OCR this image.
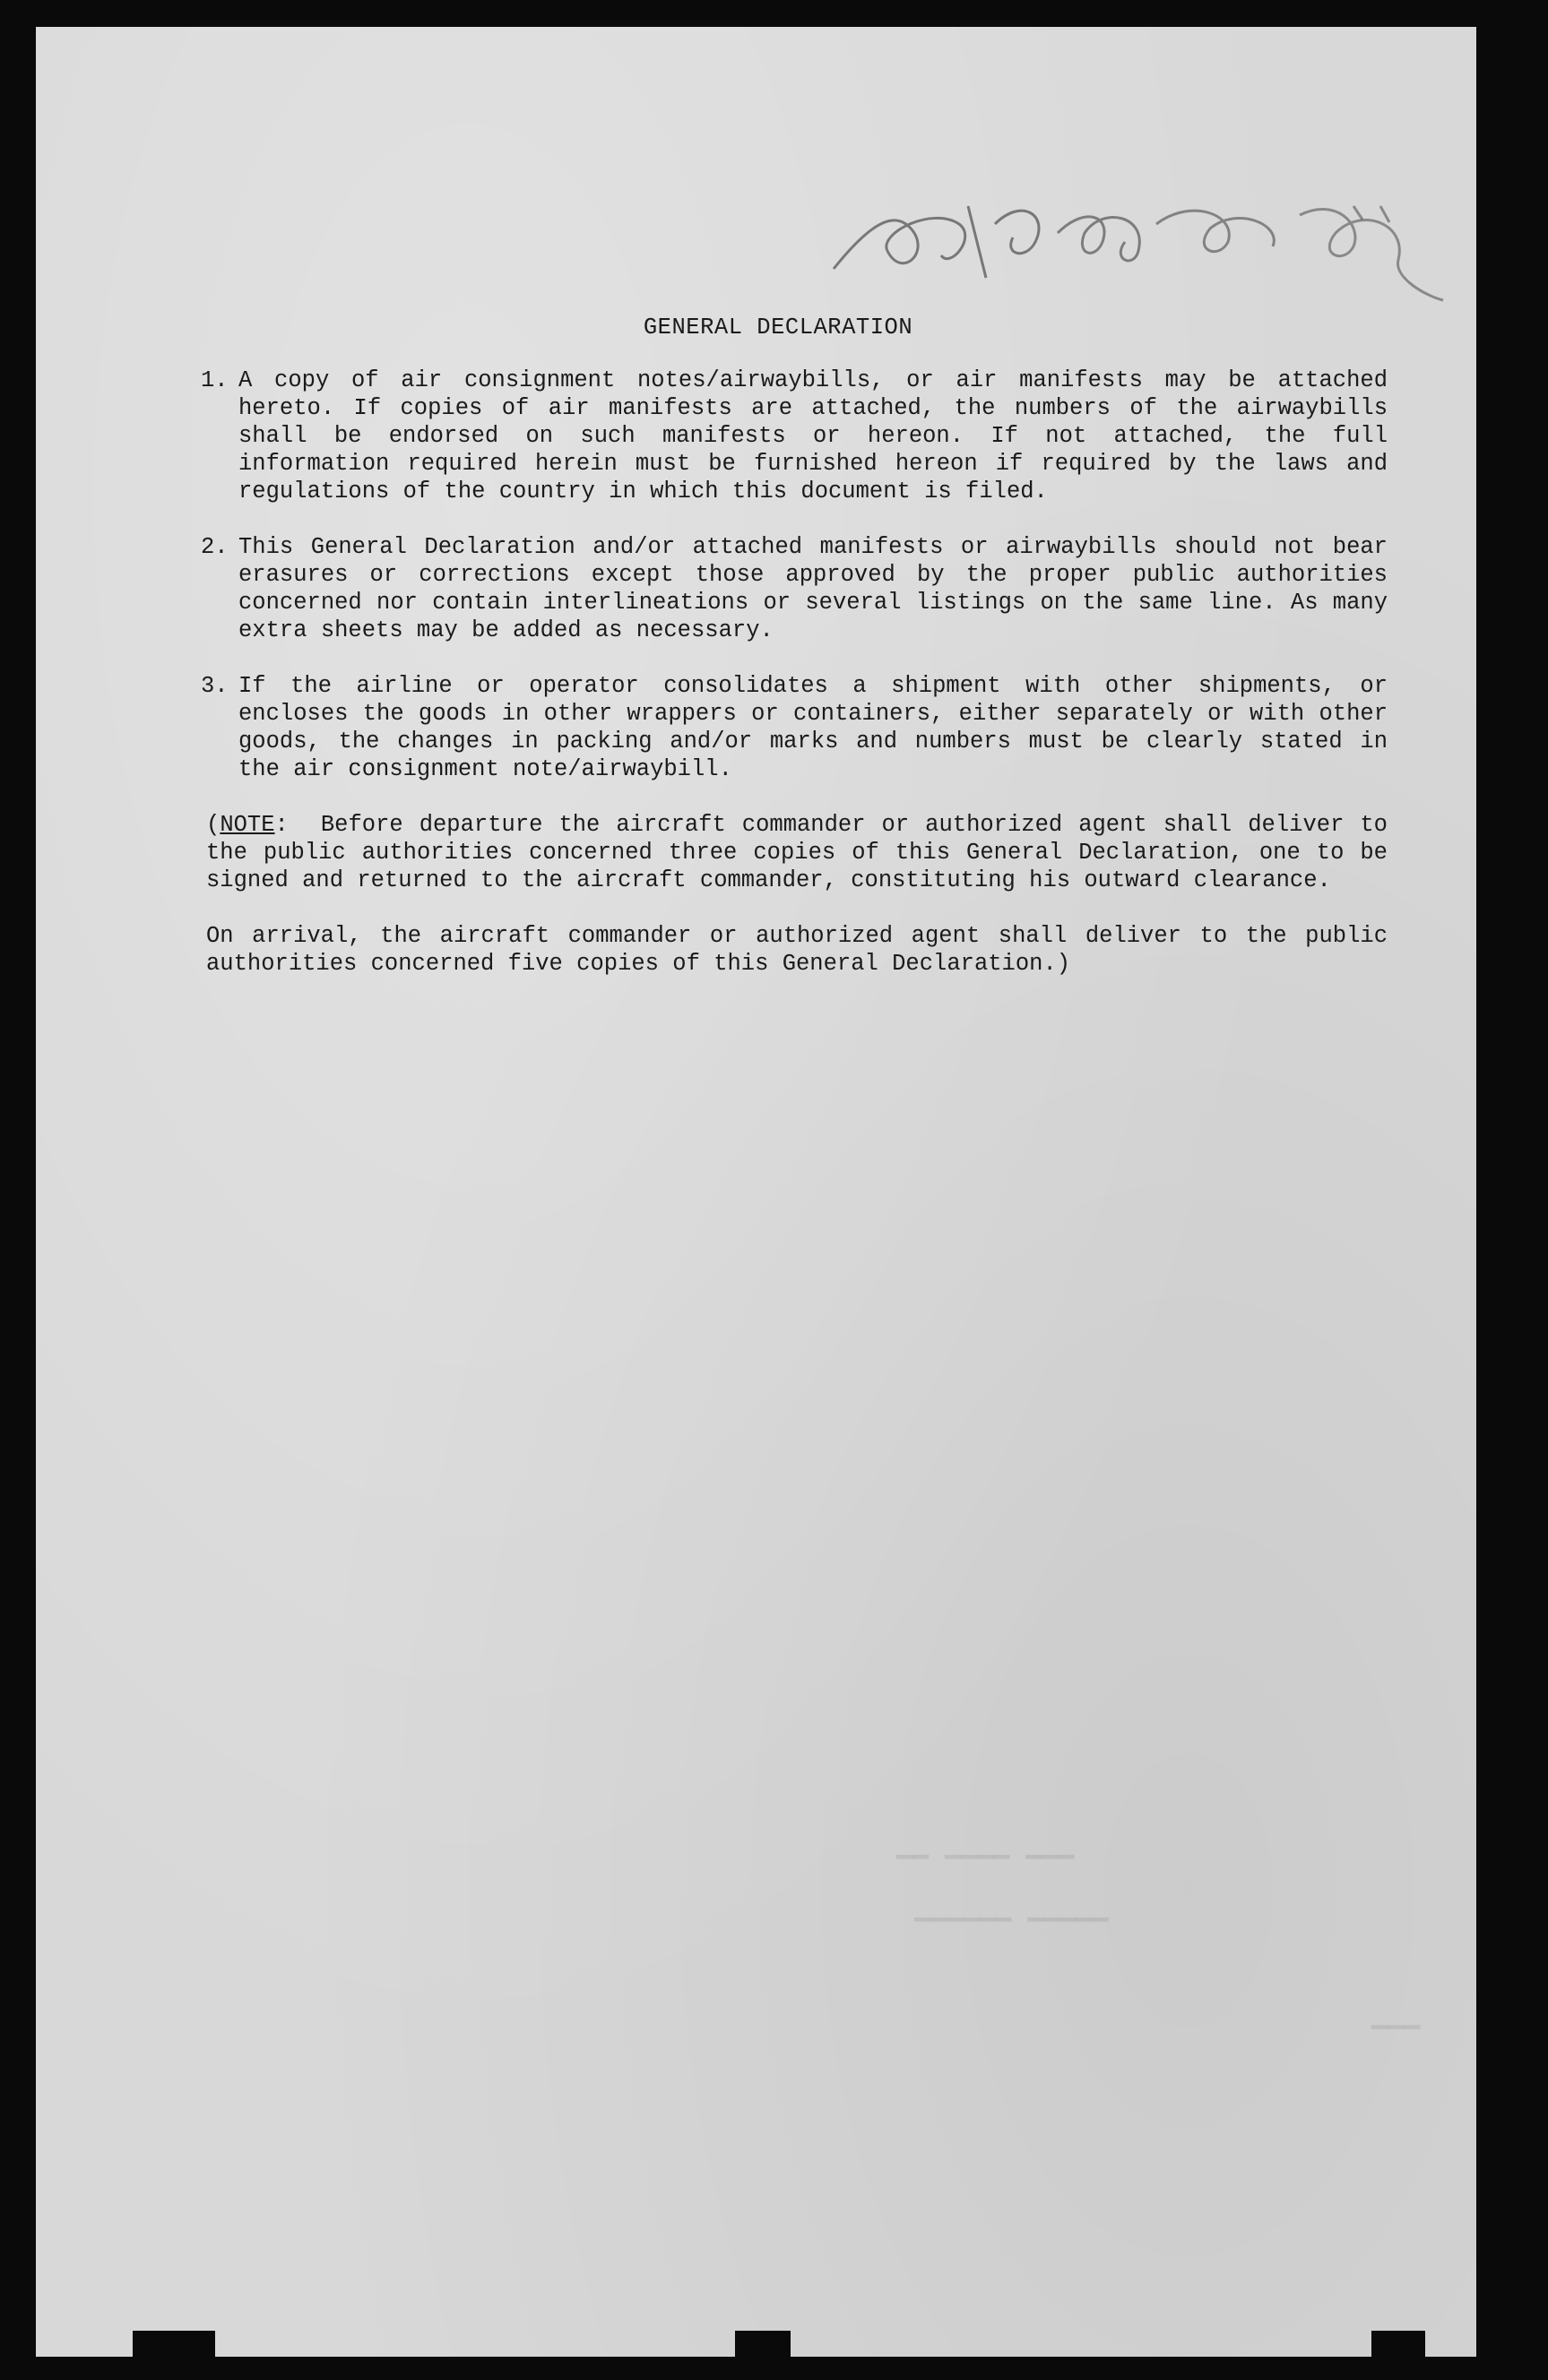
▁▁▁ ▁▁▁▁ ▁▁
▁▁▁▁▁ ▁▁▁▁▁▁
▁▁▁
GENERAL DECLARATION
1. A copy of air consignment notes/airwaybills, or air manifests may be attached hereto. If copies of air manifests are attached, the numbers of the airwaybills shall be endorsed on such manifests or hereon. If not attached, the full information required herein must be furnished hereon if required by the laws and regulations of the country in which this document is filed.
2. This General Declaration and/or attached manifests or airwaybills should not bear erasures or corrections except those approved by the proper public authorities concerned nor contain interlineations or several listings on the same line. As many extra sheets may be added as necessary.
3. If the airline or operator consolidates a shipment with other shipments, or encloses the goods in other wrappers or containers, either separately or with other goods, the changes in packing and/or marks and numbers must be clearly stated in the air consignment note/airwaybill.

(NOTE: Before departure the aircraft commander or authorized agent shall deliver to the public authorities concerned three copies of this General Declaration, one to be signed and returned to the aircraft commander, constituting his outward clearance.

On arrival, the aircraft commander or authorized agent shall deliver to the public authorities concerned five copies of this General Declaration.)
